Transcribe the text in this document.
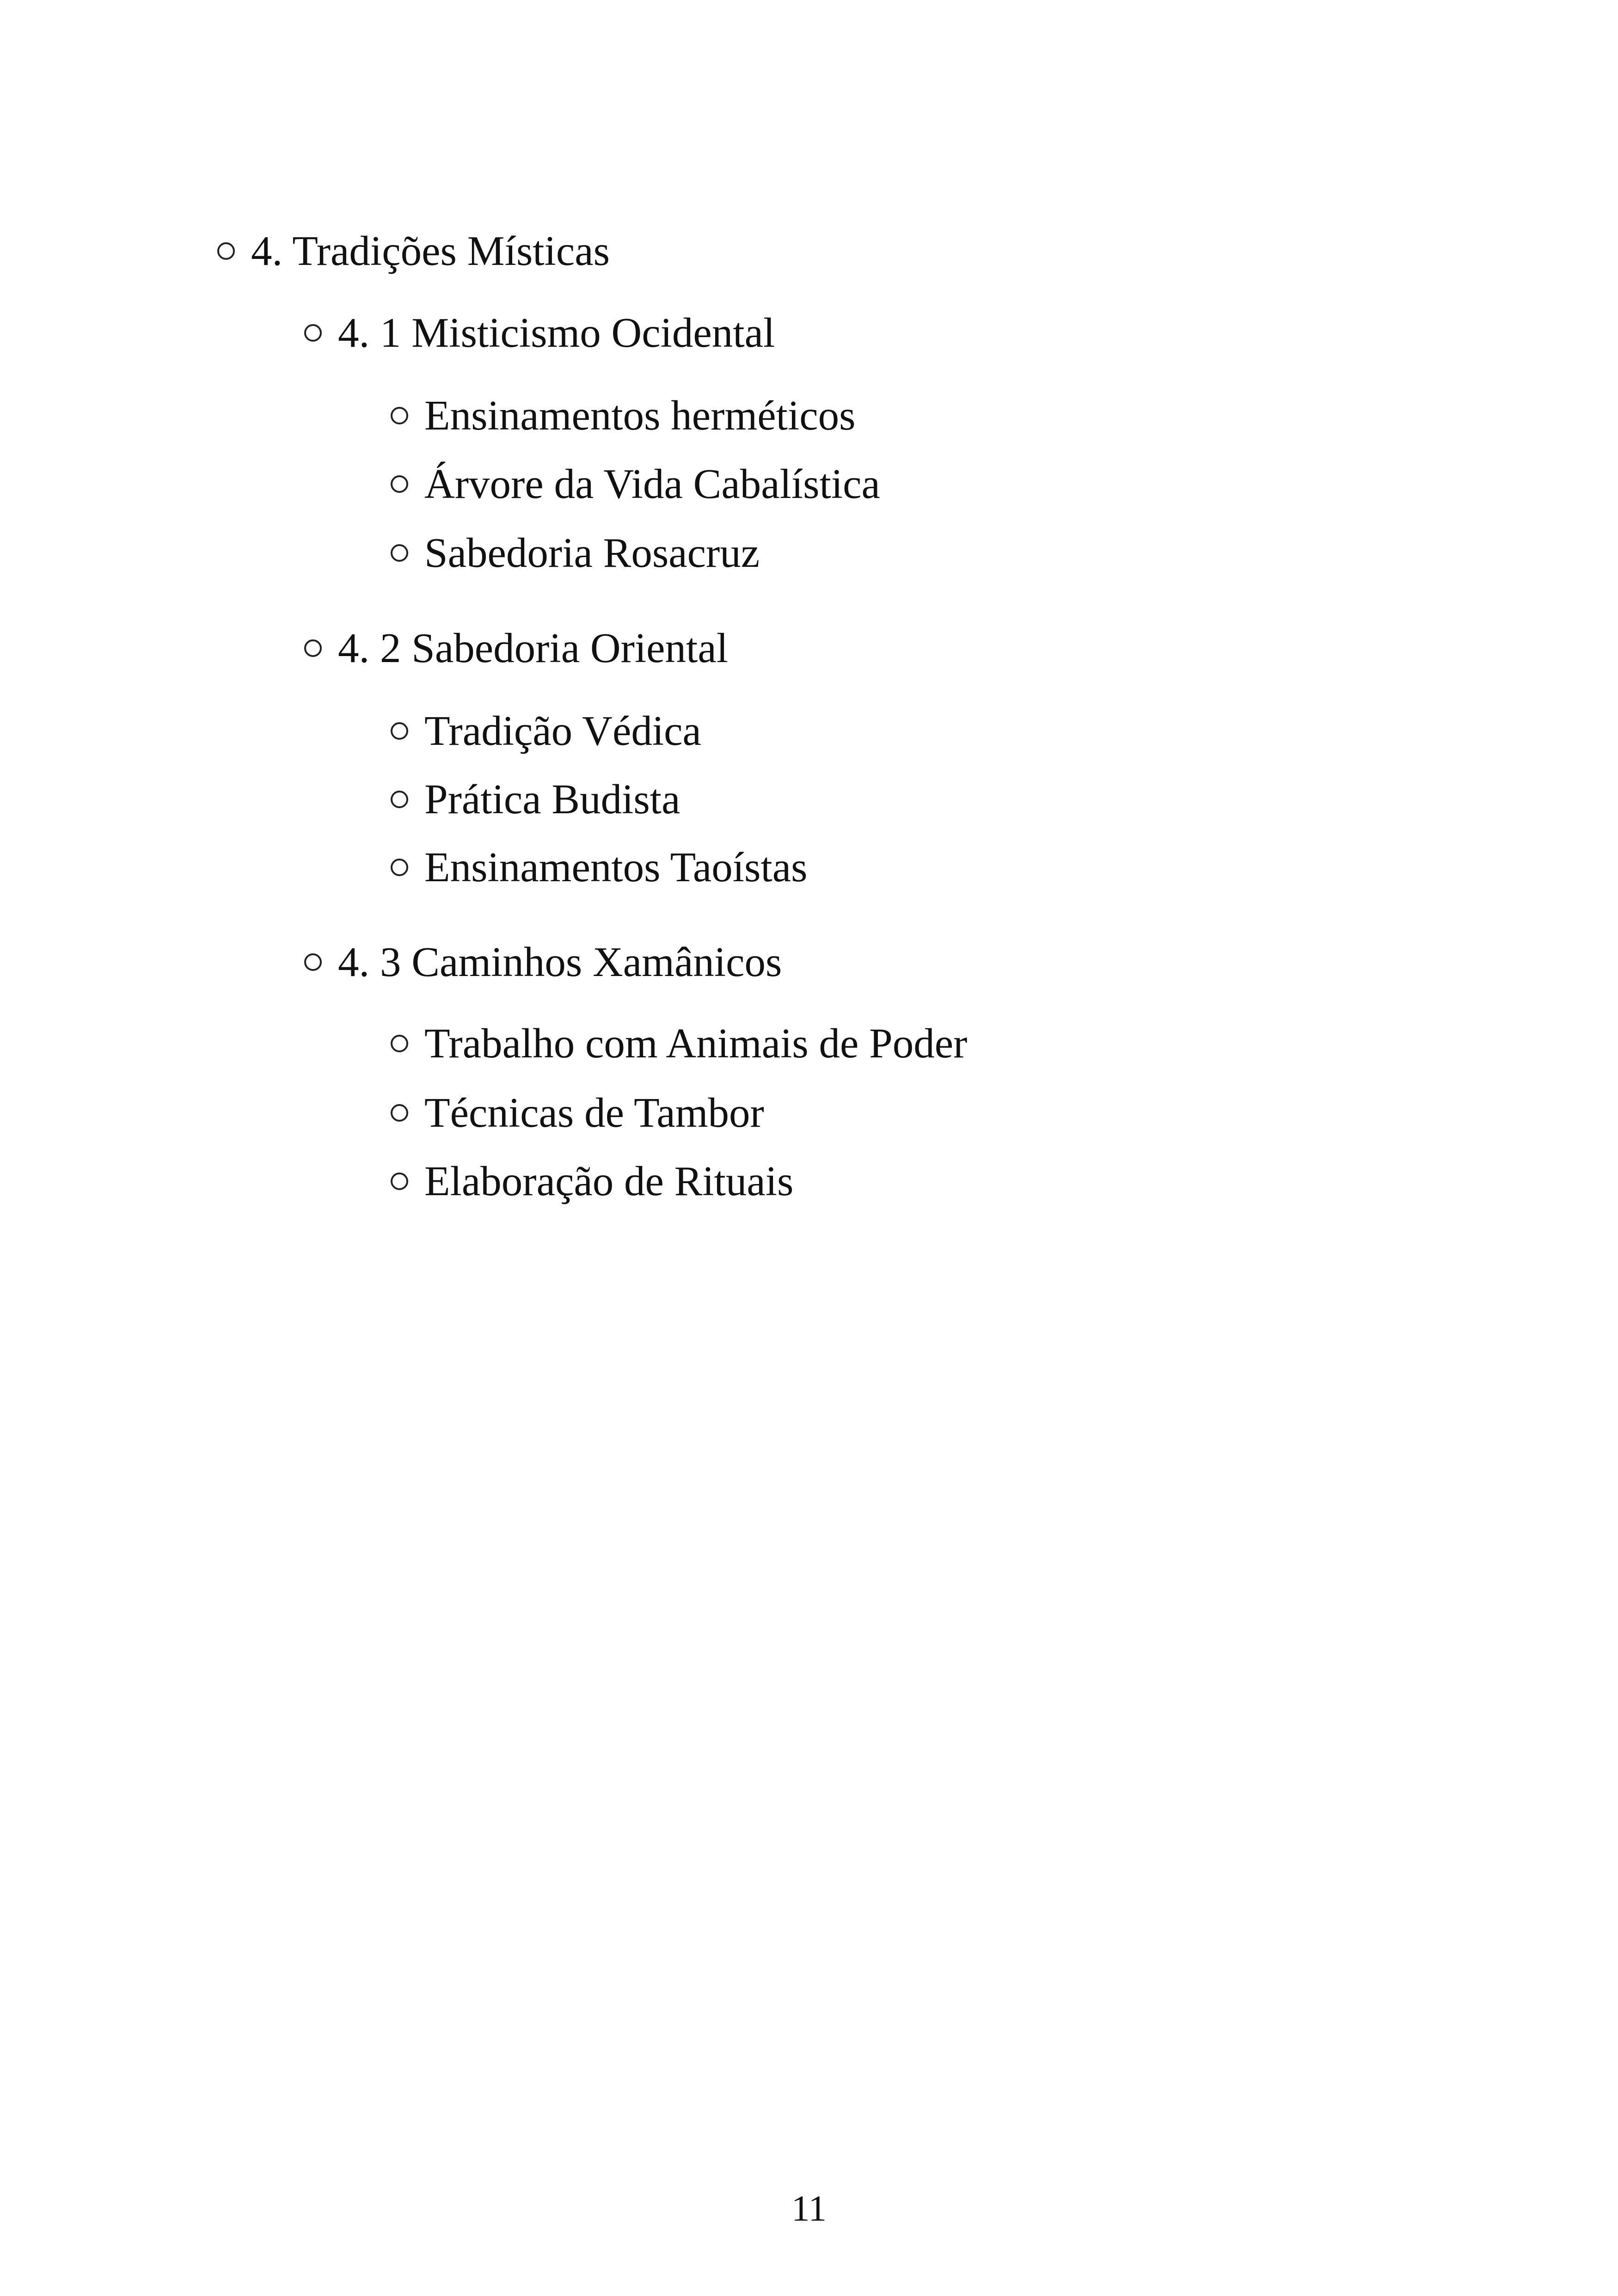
4. Tradições Místicas
4. 1 Misticismo Ocidental
Ensinamentos herméticos
Árvore da Vida Cabalística
Sabedoria Rosacruz
4. 2 Sabedoria Oriental
Tradição Védica
Prática Budista
Ensinamentos Taoístas
4. 3 Caminhos Xamânicos
Trabalho com Animais de Poder
Técnicas de Tambor
Elaboração de Rituais
11
